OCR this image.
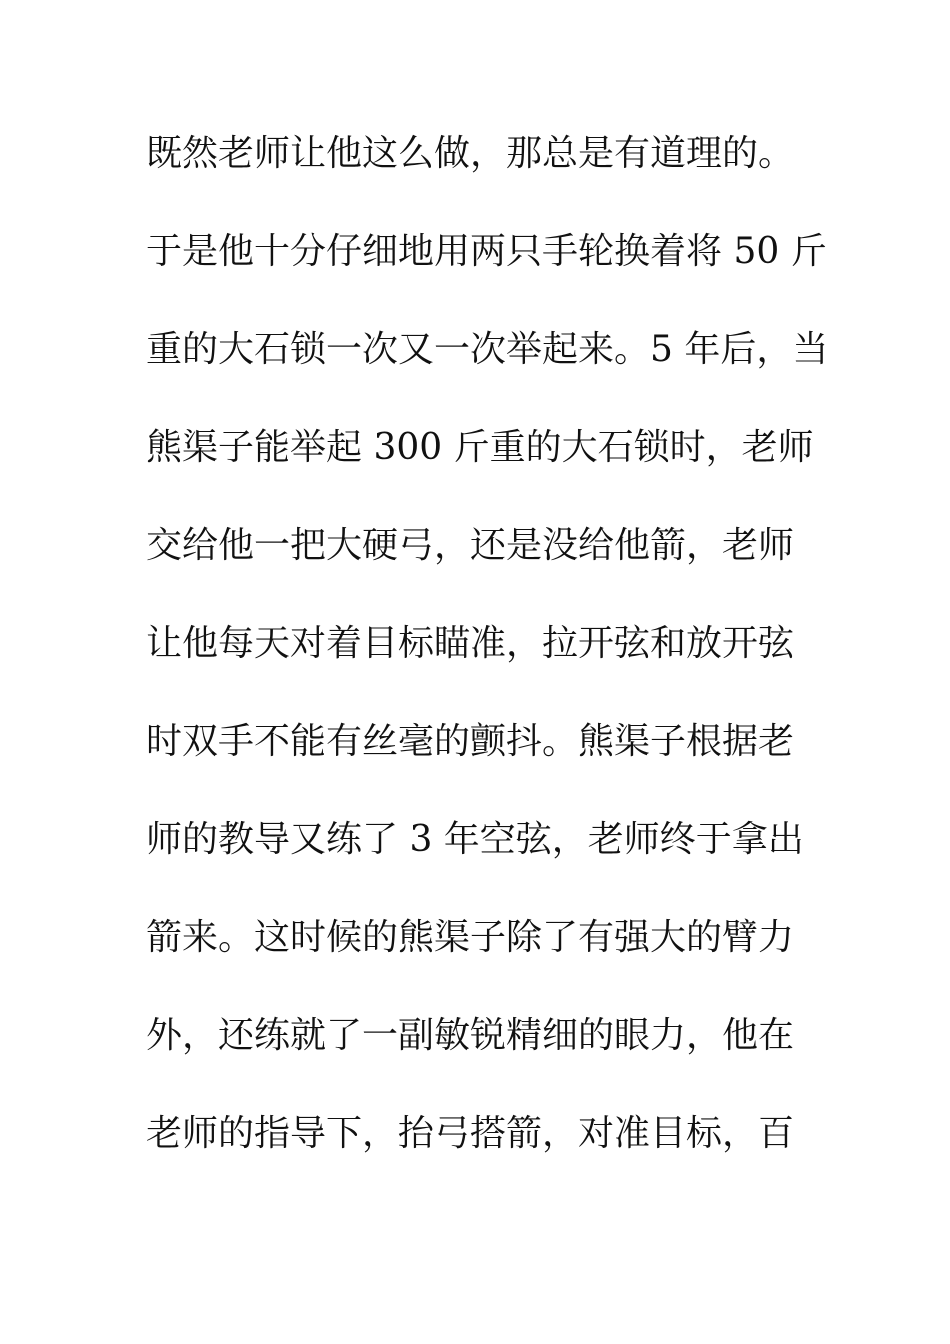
既然老师让他这么做，那总是有道理的。
于是他十分仔细地用两只手轮换着将 50 斤
重的大石锁一次又一次举起来。5 年后，当
熊渠子能举起 300 斤重的大石锁时，老师
交给他一把大硬弓，还是没给他箭，老师
让他每天对着目标瞄准，拉开弦和放开弦
时双手不能有丝毫的颤抖。熊渠子根据老
师的教导又练了 3 年空弦，老师终于拿出
箭来。这时候的熊渠子除了有强大的臂力
外，还练就了一副敏锐精细的眼力，他在
老师的指导下，抬弓搭箭，对准目标，百
